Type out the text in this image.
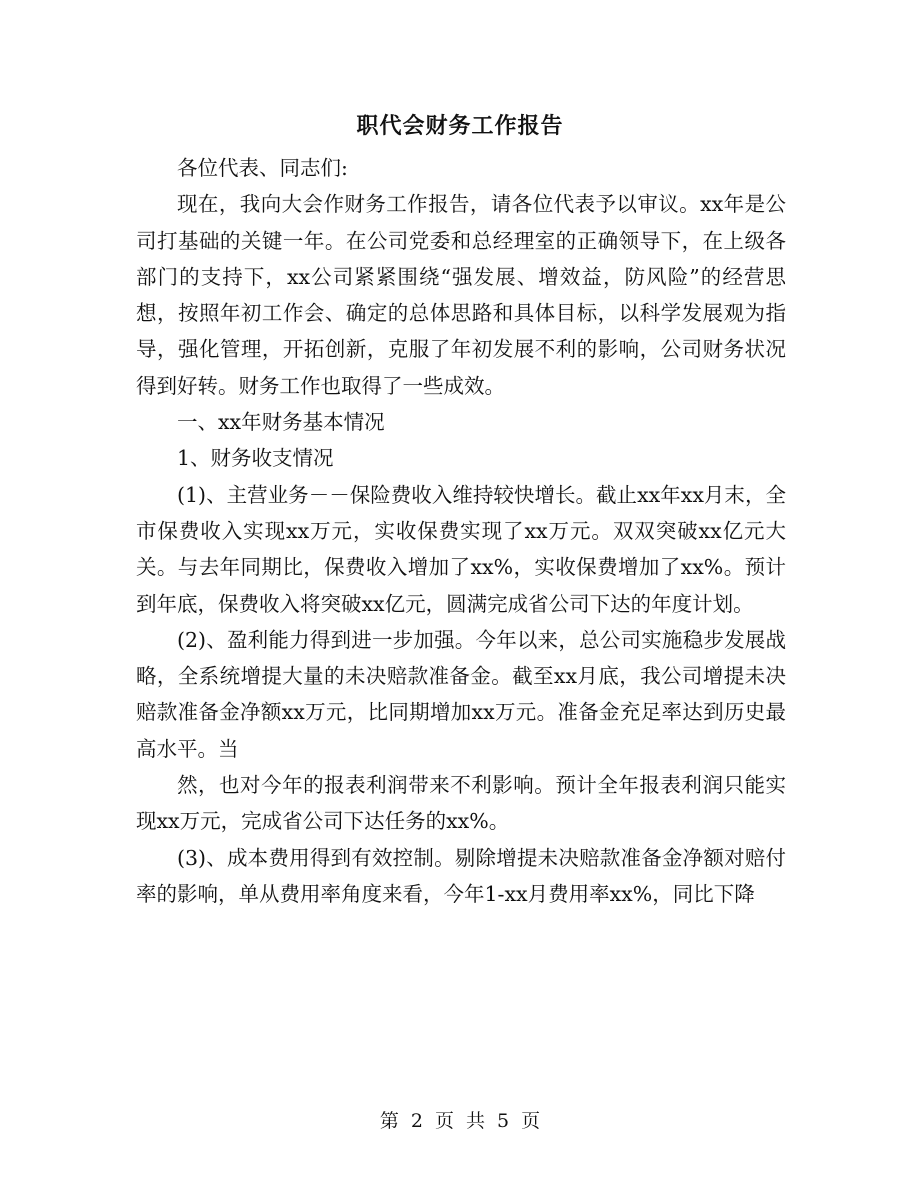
职代会财务工作报告

各位代表、同志们:

现在，我向大会作财务工作报告，请各位代表予以审议。xx年是公司打基础的关键一年。在公司党委和总经理室的正确领导下，在上级各部门的支持下，xx公司紧紧围绕“强发展、增效益，防风险”的经营思想，按照年初工作会、确定的总体思路和具体目标，以科学发展观为指导，强化管理，开拓创新，克服了年初发展不利的影响，公司财务状况得到好转。财务工作也取得了一些成效。

一、xx年财务基本情况

1、财务收支情况

(1)、主营业务－－保险费收入维持较快增长。截止xx年xx月末，全市保费收入实现xx万元，实收保费实现了xx万元。双双突破xx亿元大关。与去年同期比，保费收入增加了xx%，实收保费增加了xx%。预计到年底，保费收入将突破xx亿元，圆满完成省公司下达的年度计划。

(2)、盈利能力得到进一步加强。今年以来，总公司实施稳步发展战略，全系统增提大量的未决赔款准备金。截至xx月底，我公司增提未决赔款准备金净额xx万元，比同期增加xx万元。准备金充足率达到历史最高水平。当

然，也对今年的报表利润带来不利影响。预计全年报表利润只能实现xx万元，完成省公司下达任务的xx%。

(3)、成本费用得到有效控制。剔除增提未决赔款准备金净额对赔付率的影响，单从费用率角度来看，今年1-xx月费用率xx%，同比下降

第 2 页 共 5 页
